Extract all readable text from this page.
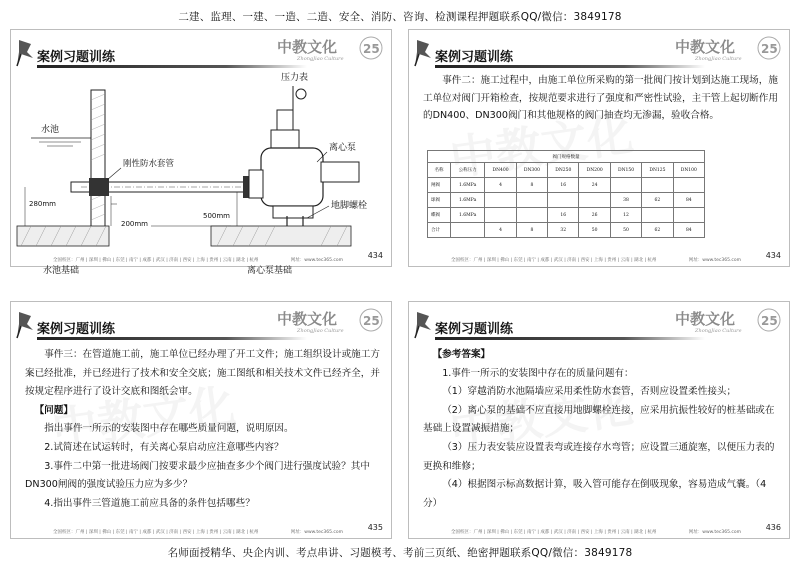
二建、监理、一建、一造、二造、安全、消防、咨询、检测课程押题联系QQ/微信：3849178
案例习题训练
中教文化
ZhongJiao Culture
25
水池
水池基础
刚性防水套管
280mm
200mm
500mm
压力表
离心泵
地脚螺栓
离心泵基础
全国校区：广州 | 深圳 | 佛山 | 东莞 | 南宁 | 成都 | 武汉 | 济南 | 西安 | 上海 | 贵州 | 云南 | 湖北 | 杭州	网址：www.tec365.com
434
案例习题训练
中教文化
ZhongJiao Culture
25

事件二：施工过程中，由施工单位所采购的第一批阀门按计划到达施工现场，施工单位对阀门开箱检查，按规范要求进行了强度和严密性试验，主干管上起切断作用的DN400、DN300阀门和其他规格的阀门抽查均无渗漏，验收合格。

阀门规格数量								
名称	公称压力	DN400	DN300	DN250	DN200	DN150	DN125	DN100
闸阀	1.6MPa	4	8	16	24			
球阀	1.6MPa					38	62	84
蝶阀	1.6MPa			16	26	12		
合计		4	8	32	50	50	62	84
全国校区：广州 | 深圳 | 佛山 | 东莞 | 南宁 | 成都 | 武汉 | 济南 | 西安 | 上海 | 贵州 | 云南 | 湖北 | 杭州	网址：www.tec365.com
434
案例习题训练
中教文化
ZhongJiao Culture
25

事件三：在管道施工前，施工单位已经办理了开工文件；施工组织设计或施工方案已经批准，并已经进行了技术和安全交底；施工图纸和相关技术文件已经齐全，并按规定程序进行了设计交底和图纸会审。

【问题】

指出事件一所示的安装图中存在哪些质量问题，说明原因。

2.试简述在试运转时，有关离心泵启动应注意哪些内容？

3.事件二中第一批进场阀门按要求最少应抽查多少个阀门进行强度试验？其中DN300闸阀的强度试验压力应为多少？

4.指出事件三管道施工前应具备的条件包括哪些？

全国校区：广州 | 深圳 | 佛山 | 东莞 | 南宁 | 成都 | 武汉 | 济南 | 西安 | 上海 | 贵州 | 云南 | 湖北 | 杭州	网址：www.tec365.com
435
案例习题训练
中教文化
ZhongJiao Culture
25

【参考答案】

1.事件一所示的安装图中存在的质量问题有：

（1）穿越消防水池隔墙应采用柔性防水套管，否则应设置柔性接头；

（2）离心泵的基础不应直接用地脚螺栓连接，应采用抗振性较好的桩基础或在基础上设置减振措施；

（3）压力表安装应设置表弯或连接存水弯管；应设置三通旋塞，以便压力表的更换和维修；

（4）根据图示标高数据计算，吸入管可能存在倒吸现象，容易造成气囊。（4分）

全国校区：广州 | 深圳 | 佛山 | 东莞 | 南宁 | 成都 | 武汉 | 济南 | 西安 | 上海 | 贵州 | 云南 | 湖北 | 杭州	网址：www.tec365.com
436
名师面授精华、央企内训、考点串讲、习题模考、考前三页纸、绝密押题联系QQ/微信：3849178
